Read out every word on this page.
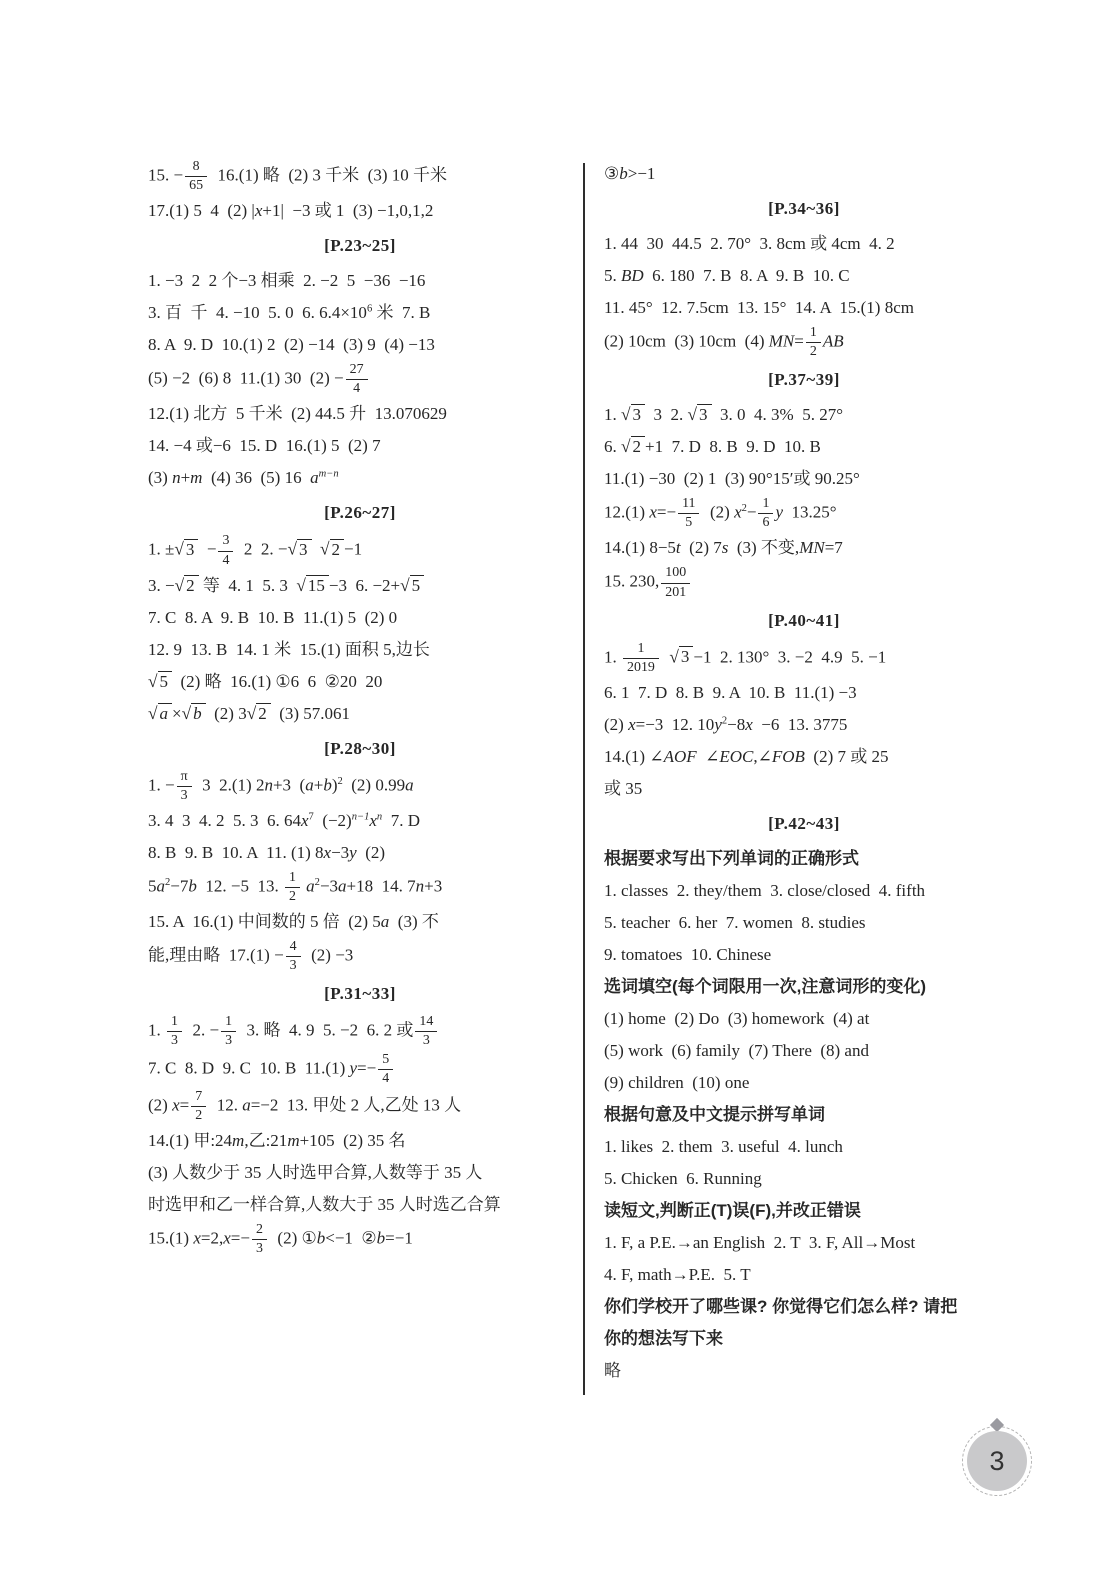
15. − $\frac{8}{65} 16.(1)$ 略  (2) 3 千米  (3) 10 千米
17.(1) 5  4  (2) |x+1|  −3 或 1  (3) −1,0,1,2
[P.23~25]
1. −3  2  2 个−3 相乘  2. −2  5  −36  −16
3. 百  千  4. −10  5. 0  6. $6.4\times 10^6$ 米  7. B
8. A  9. D  10.(1) 2  (2) −14  (3) 9  (4) −13
(5) −2  (6) 8  11.(1) 30  $(2) - \frac{27}{4}$
12.(1) 北方  5 千米  (2) 44.5 升  13.070629
14. −4 或−6  15. D  16.(1) 5  (2) 7
(3) n+m  (4) 36  (5) 16  $a^{m-n}$
[P.26~27]
1. ±√ $3 - \frac{3}{4} 2$  2. −√ 3 √ 2 −1
3. −√ 2 等  4. 1  5. 3  √ 15 −3  6. −2+√ 5
7. C  8. A  9. B  10. B  11.(1) 5  (2) 0
12. 9  13. B  14. 1 米  15.(1) 面积 5,边长
√ 5  (2) 略  16.(1) ①6  6  ②20  20
√ a ×√ b  (2) 3√ 2  (3) 57.061
[P.28~30]
1. − $\frac{\pi}{3} 3$  2.(1) 2n+3  $(a+b)^2$  (2) 0.99a
3. 4  3  4. 2  5. 3  6. $64x^7$  $(-2)^{n-1}x^n$  7. D
8. B  9. B  10. A  11. (1) 8x−3y  (2)
$5a^2-7b$  12. −5  13. $\frac{1}{2} a^2-3a+18$  14. 7n+3
15. A  16.(1) 中间数的 5 倍  (2) 5a  (3) 不
能,理由略  $17.(1) - \frac{4}{3} (2) -3$
[P.31~33]
1. $\frac{1}{3} 2$. − $\frac{1}{3} 3$. 略  4. 9  5. −2  6. 2 或 $\frac{14}{3}$
7. C  8. D  9. C  10. B  11.(1) $y=- \frac{5}{4}$
(2) $x= \frac{7}{2} 12$. a=−2  13. 甲处 2 人,乙处 13 人
14.(1) 甲:24m,乙:21m+105  (2) 35 名
(3) 人数少于 35 人时选甲合算,人数等于 35 人
时选甲和乙一样合算,人数大于 35 人时选乙合算
15.(1) $x=2,x=- \frac{2}{3} (2)$ ①b<−1  ②b=−1
③b>−1
[P.34~36]
1. 44  30  44.5  2. 70°  3. 8cm 或 4cm  4. 2
5. BD  6. 180  7. B  8. A  9. B  10. C
11. 45°  12. 7.5cm  13. 15°  14. A  15.(1) 8cm
(2) 10cm  (3) 10cm  (4) $MN= \frac{1}{2}$ AB
[P.37~39]
1. √ 3  3  2. √ 3  3. 0  4. 3%  5. 27°
6. √ 2 +1  7. D  8. B  9. D  10. B
11.(1) −30  (2) 1  (3) 90°15′或 90.25°
12.(1) $x=- \frac{11}{5} (2)$ $x^2- \frac{1}{6}$ y  13.25°
14.(1) 8−5t  (2) 7s  (3) 不变,MN=7
15. 230, $\frac{100}{201}$
[P.40~41]
1. $\frac{1}{2019}$ √ 3 −1  2. 130°  3. −2  4.9  5. −1
6. 1  7. D  8. B  9. A  10. B  11.(1) −3
(2) x=−3  12. $10y^2-8x -6$  13. 3775
14.(1) ∠AOF  ∠EOC,∠FOB  (2) 7 或 25
或 35
[P.42~43]
根据要求写出下列单词的正确形式
1. classes  2. they/them  3. close/closed  4. fifth
5. teacher  6. her  7. women  8. studies
9. tomatoes  10. Chinese
选词填空(每个词限用一次,注意词形的变化)
(1) home  (2) Do  (3) homework  (4) at
(5) work  (6) family  (7) There  (8) and
(9) children  (10) one
根据句意及中文提示拼写单词
1. likes  2. them  3. useful  4. lunch
5. Chicken  6. Running
读短文,判断正(T)误(F),并改正错误
1. F, a P.E.→an English  2. T  3. F, All→Most
4. F, math→P.E.  5. T
你们学校开了哪些课? 你觉得它们怎么样? 请把
你的想法写下来
略
3
